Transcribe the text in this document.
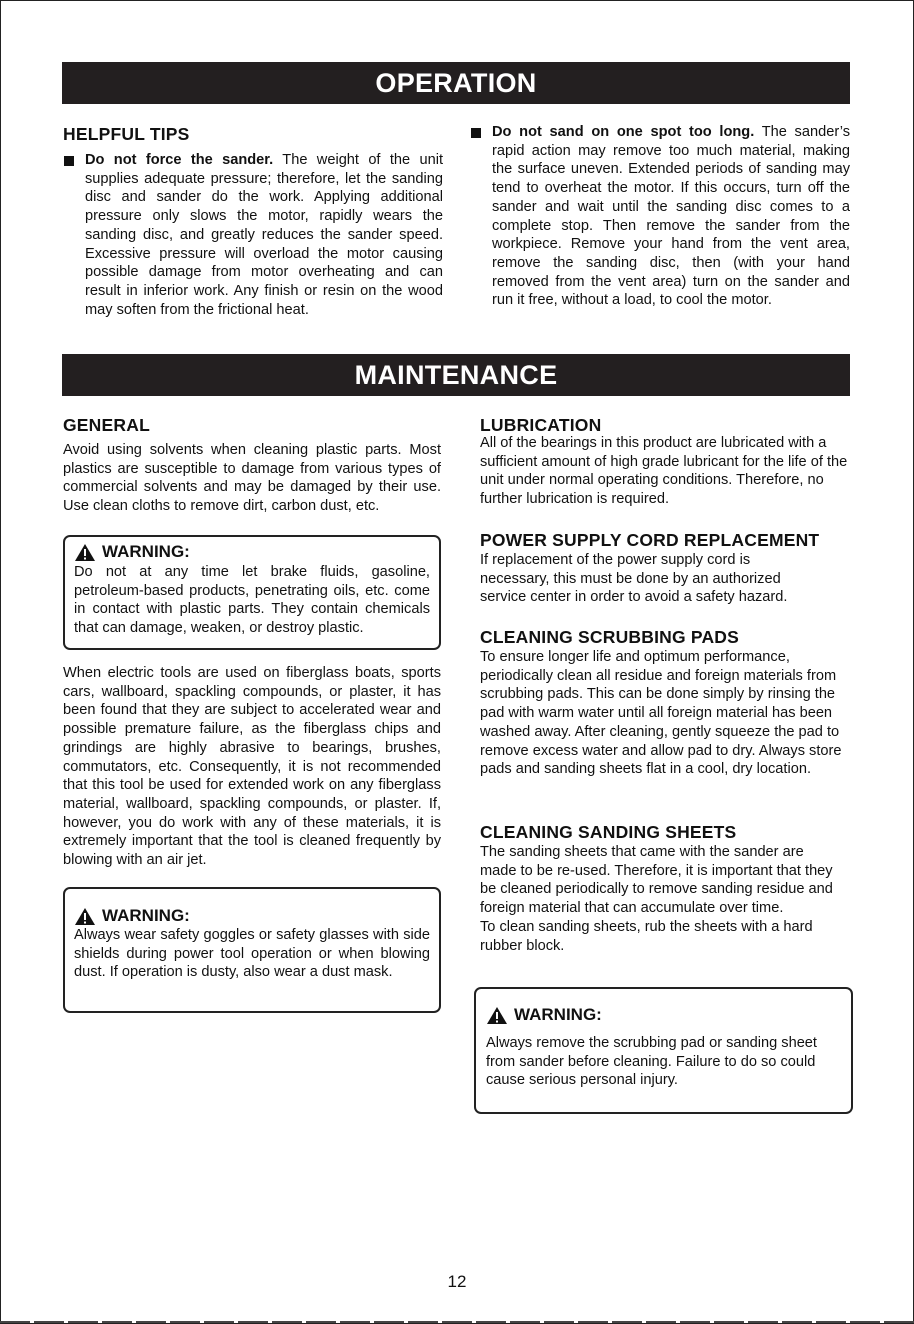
OPERATION
HELPFUL TIPS
Do not force the sander. The weight of the unit supplies adequate pressure; therefore, let the sanding disc and sander do the work. Applying additional pressure only slows the motor, rapidly wears the sanding disc, and greatly reduces the sander speed. Excessive pressure will overload the motor causing possible damage from motor overheating and can result in inferior work. Any finish or resin on the wood may soften from the frictional heat.
Do not sand on one spot too long. The sander’s rapid action may remove too much material, making the surface uneven. Extended periods of sanding may tend to overheat the motor. If this occurs, turn off the sander and wait until the sanding disc comes to a complete stop. Then remove the sander from the workpiece. Remove your hand from the vent area, remove the sanding disc, then (with your hand removed from the vent area) turn on the sander and run it free, without a load, to cool the motor.
MAINTENANCE
GENERAL
Avoid using solvents when cleaning plastic parts. Most plastics are susceptible to damage from various types of commercial solvents and may be damaged by their use. Use clean cloths to remove dirt, carbon dust, etc.
WARNING:
Do not at any time let brake fluids, gasoline, petroleum-based products, penetrating oils, etc. come in contact with plastic parts. They contain chemicals that can damage, weaken, or destroy plastic.
When electric tools are used on fiberglass boats, sports cars, wallboard, spackling compounds, or plaster, it has been found that they are subject to accelerated wear and possible premature failure, as the fiberglass chips and grindings are highly abrasive to bearings, brushes, commutators, etc. Consequently, it is not recommended that this tool be used for extended work on any fiberglass material, wallboard, spackling compounds, or plaster. If, however, you do work with any of these materials, it is extremely important that the tool is cleaned frequently by blowing with an air jet.
WARNING:
Always wear safety goggles or safety glasses with side shields during power tool operation or when blowing dust. If operation is dusty, also wear a dust mask.
LUBRICATION
All of the bearings in this product are lubricated with a sufficient amount of high grade lubricant for the life of the unit under normal operating conditions. Therefore, no further lubrication is required.
POWER SUPPLY CORD REPLACEMENT
If replacement of the power supply cord is necessary, this must be done by an authorized service center in order to avoid a safety hazard.
CLEANING SCRUBBING PADS
To ensure longer life and optimum performance, periodically clean all residue and foreign materials from scrubbing pads. This can be done simply by rinsing the pad with warm water until all foreign material has been washed away. After cleaning, gently squeeze the pad to remove excess water and allow pad to dry. Always store pads and sanding sheets flat in a cool, dry location.
CLEANING SANDING SHEETS
The sanding sheets that came with the sander are made to be re-used. Therefore, it is important that they be cleaned periodically to remove sanding residue and foreign material that can accumulate over time.
To clean sanding sheets, rub the sheets with a hard rubber block.
WARNING:
Always remove the scrubbing pad or sanding sheet from sander before cleaning. Failure to do so could cause serious personal injury.
12
